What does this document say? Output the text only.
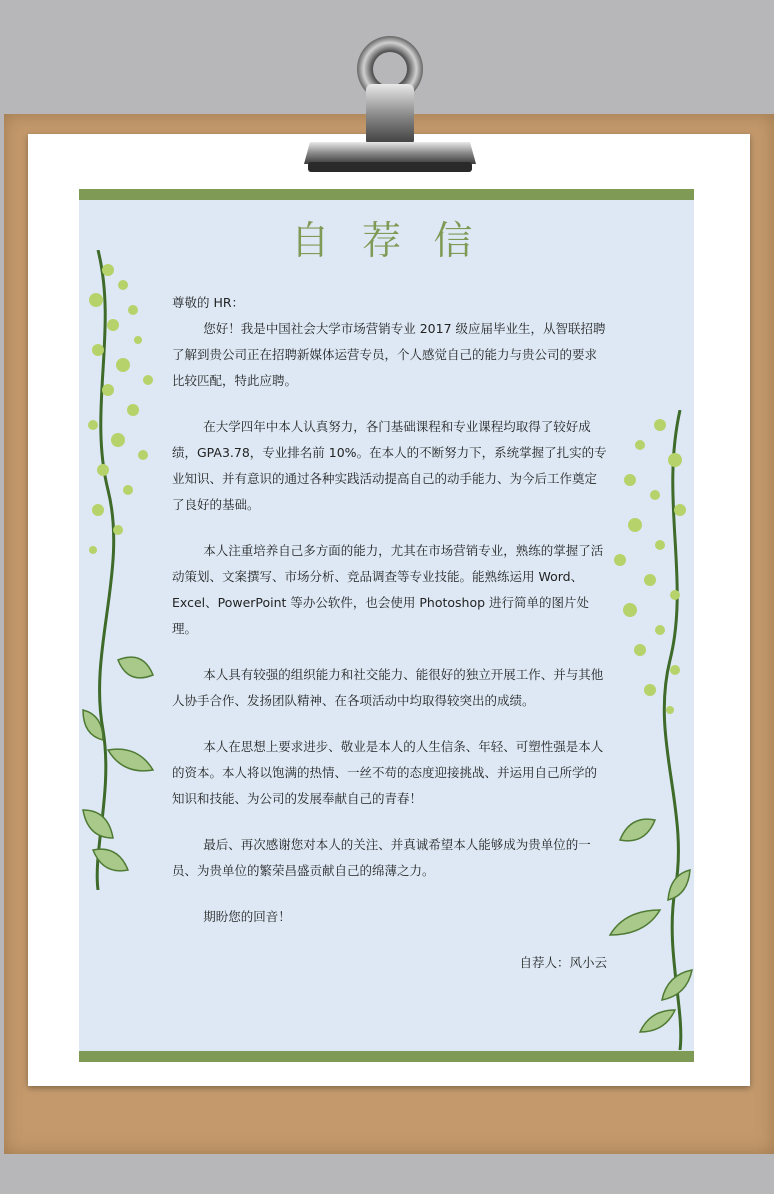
自 荐 信

尊敬的 HR：

您好！我是中国社会大学市场营销专业 2017 级应届毕业生，从智联招聘了解到贵公司正在招聘新媒体运营专员，个人感觉自己的能力与贵公司的要求比较匹配，特此应聘。

在大学四年中本人认真努力，各门基础课程和专业课程均取得了较好成绩，GPA3.78，专业排名前 10%。在本人的不断努力下，系统掌握了扎实的专业知识、并有意识的通过各种实践活动提高自己的动手能力、为今后工作奠定了良好的基础。

本人注重培养自己多方面的能力，尤其在市场营销专业，熟练的掌握了活动策划、文案撰写、市场分析、竞品调查等专业技能。能熟练运用 Word、Excel、PowerPoint 等办公软件，也会使用 Photoshop 进行简单的图片处理。

本人具有较强的组织能力和社交能力、能很好的独立开展工作、并与其他人协手合作、发扬团队精神、在各项活动中均取得较突出的成绩。

本人在思想上要求进步、敬业是本人的人生信条、年轻、可塑性强是本人的资本。本人将以饱满的热情、一丝不苟的态度迎接挑战、并运用自己所学的知识和技能、为公司的发展奉献自己的青春！

最后、再次感谢您对本人的关注、并真诚希望本人能够成为贵单位的一员、为贵单位的繁荣昌盛贡献自己的绵薄之力。

期盼您的回音！

自荐人：风小云
